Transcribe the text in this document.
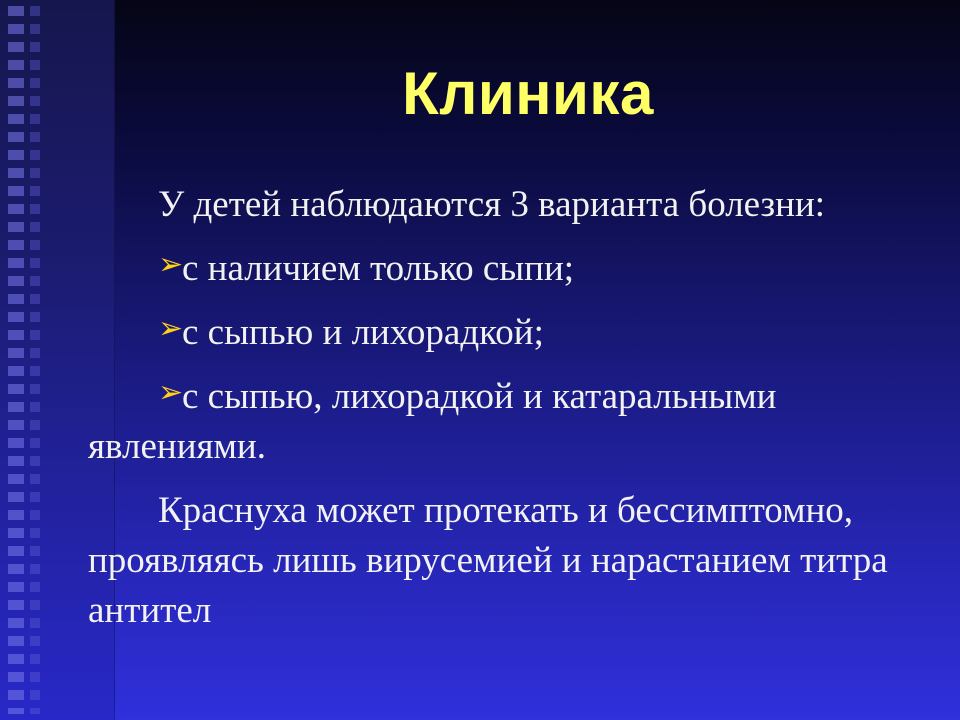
Клиника

У детей наблюдаются 3 варианта болезни:

➢с наличием только сыпи;

➢с сыпью и лихорадкой;

➢с сыпью, лихорадкой и катаральными явлениями.

Краснуха может протекать и бессимптомно, проявляясь лишь вирусемией и нарастанием титра антител
